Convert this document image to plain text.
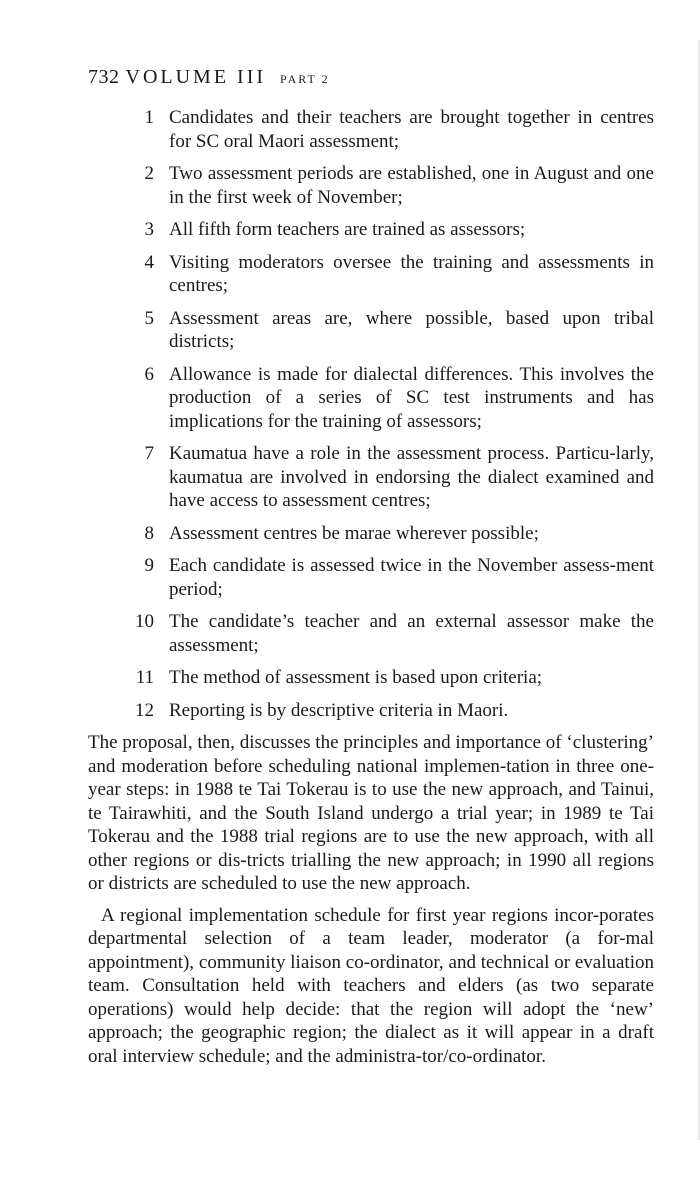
732 VOLUME III PART 2
1 Candidates and their teachers are brought together in centres for SC oral Maori assessment;
2 Two assessment periods are established, one in August and one in the first week of November;
3 All fifth form teachers are trained as assessors;
4 Visiting moderators oversee the training and assessments in centres;
5 Assessment areas are, where possible, based upon tribal districts;
6 Allowance is made for dialectal differences. This involves the production of a series of SC test instruments and has implications for the training of assessors;
7 Kaumatua have a role in the assessment process. Particu-larly, kaumatua are involved in endorsing the dialect examined and have access to assessment centres;
8 Assessment centres be marae wherever possible;
9 Each candidate is assessed twice in the November assess-ment period;
10 The candidate’s teacher and an external assessor make the assessment;
11 The method of assessment is based upon criteria;
12 Reporting is by descriptive criteria in Maori.

The proposal, then, discusses the principles and importance of ‘clustering’ and moderation before scheduling national implemen-tation in three one-year steps: in 1988 te Tai Tokerau is to use the new approach, and Tainui, te Tairawhiti, and the South Island undergo a trial year; in 1989 te Tai Tokerau and the 1988 trial regions are to use the new approach, with all other regions or dis-tricts trialling the new approach; in 1990 all regions or districts are scheduled to use the new approach.

A regional implementation schedule for first year regions incor-porates departmental selection of a team leader, moderator (a for-mal appointment), community liaison co-ordinator, and technical or evaluation team. Consultation held with teachers and elders (as two separate operations) would help decide: that the region will adopt the ‘new’ approach; the geographic region; the dialect as it will appear in a draft oral interview schedule; and the administra-tor/co-ordinator.
